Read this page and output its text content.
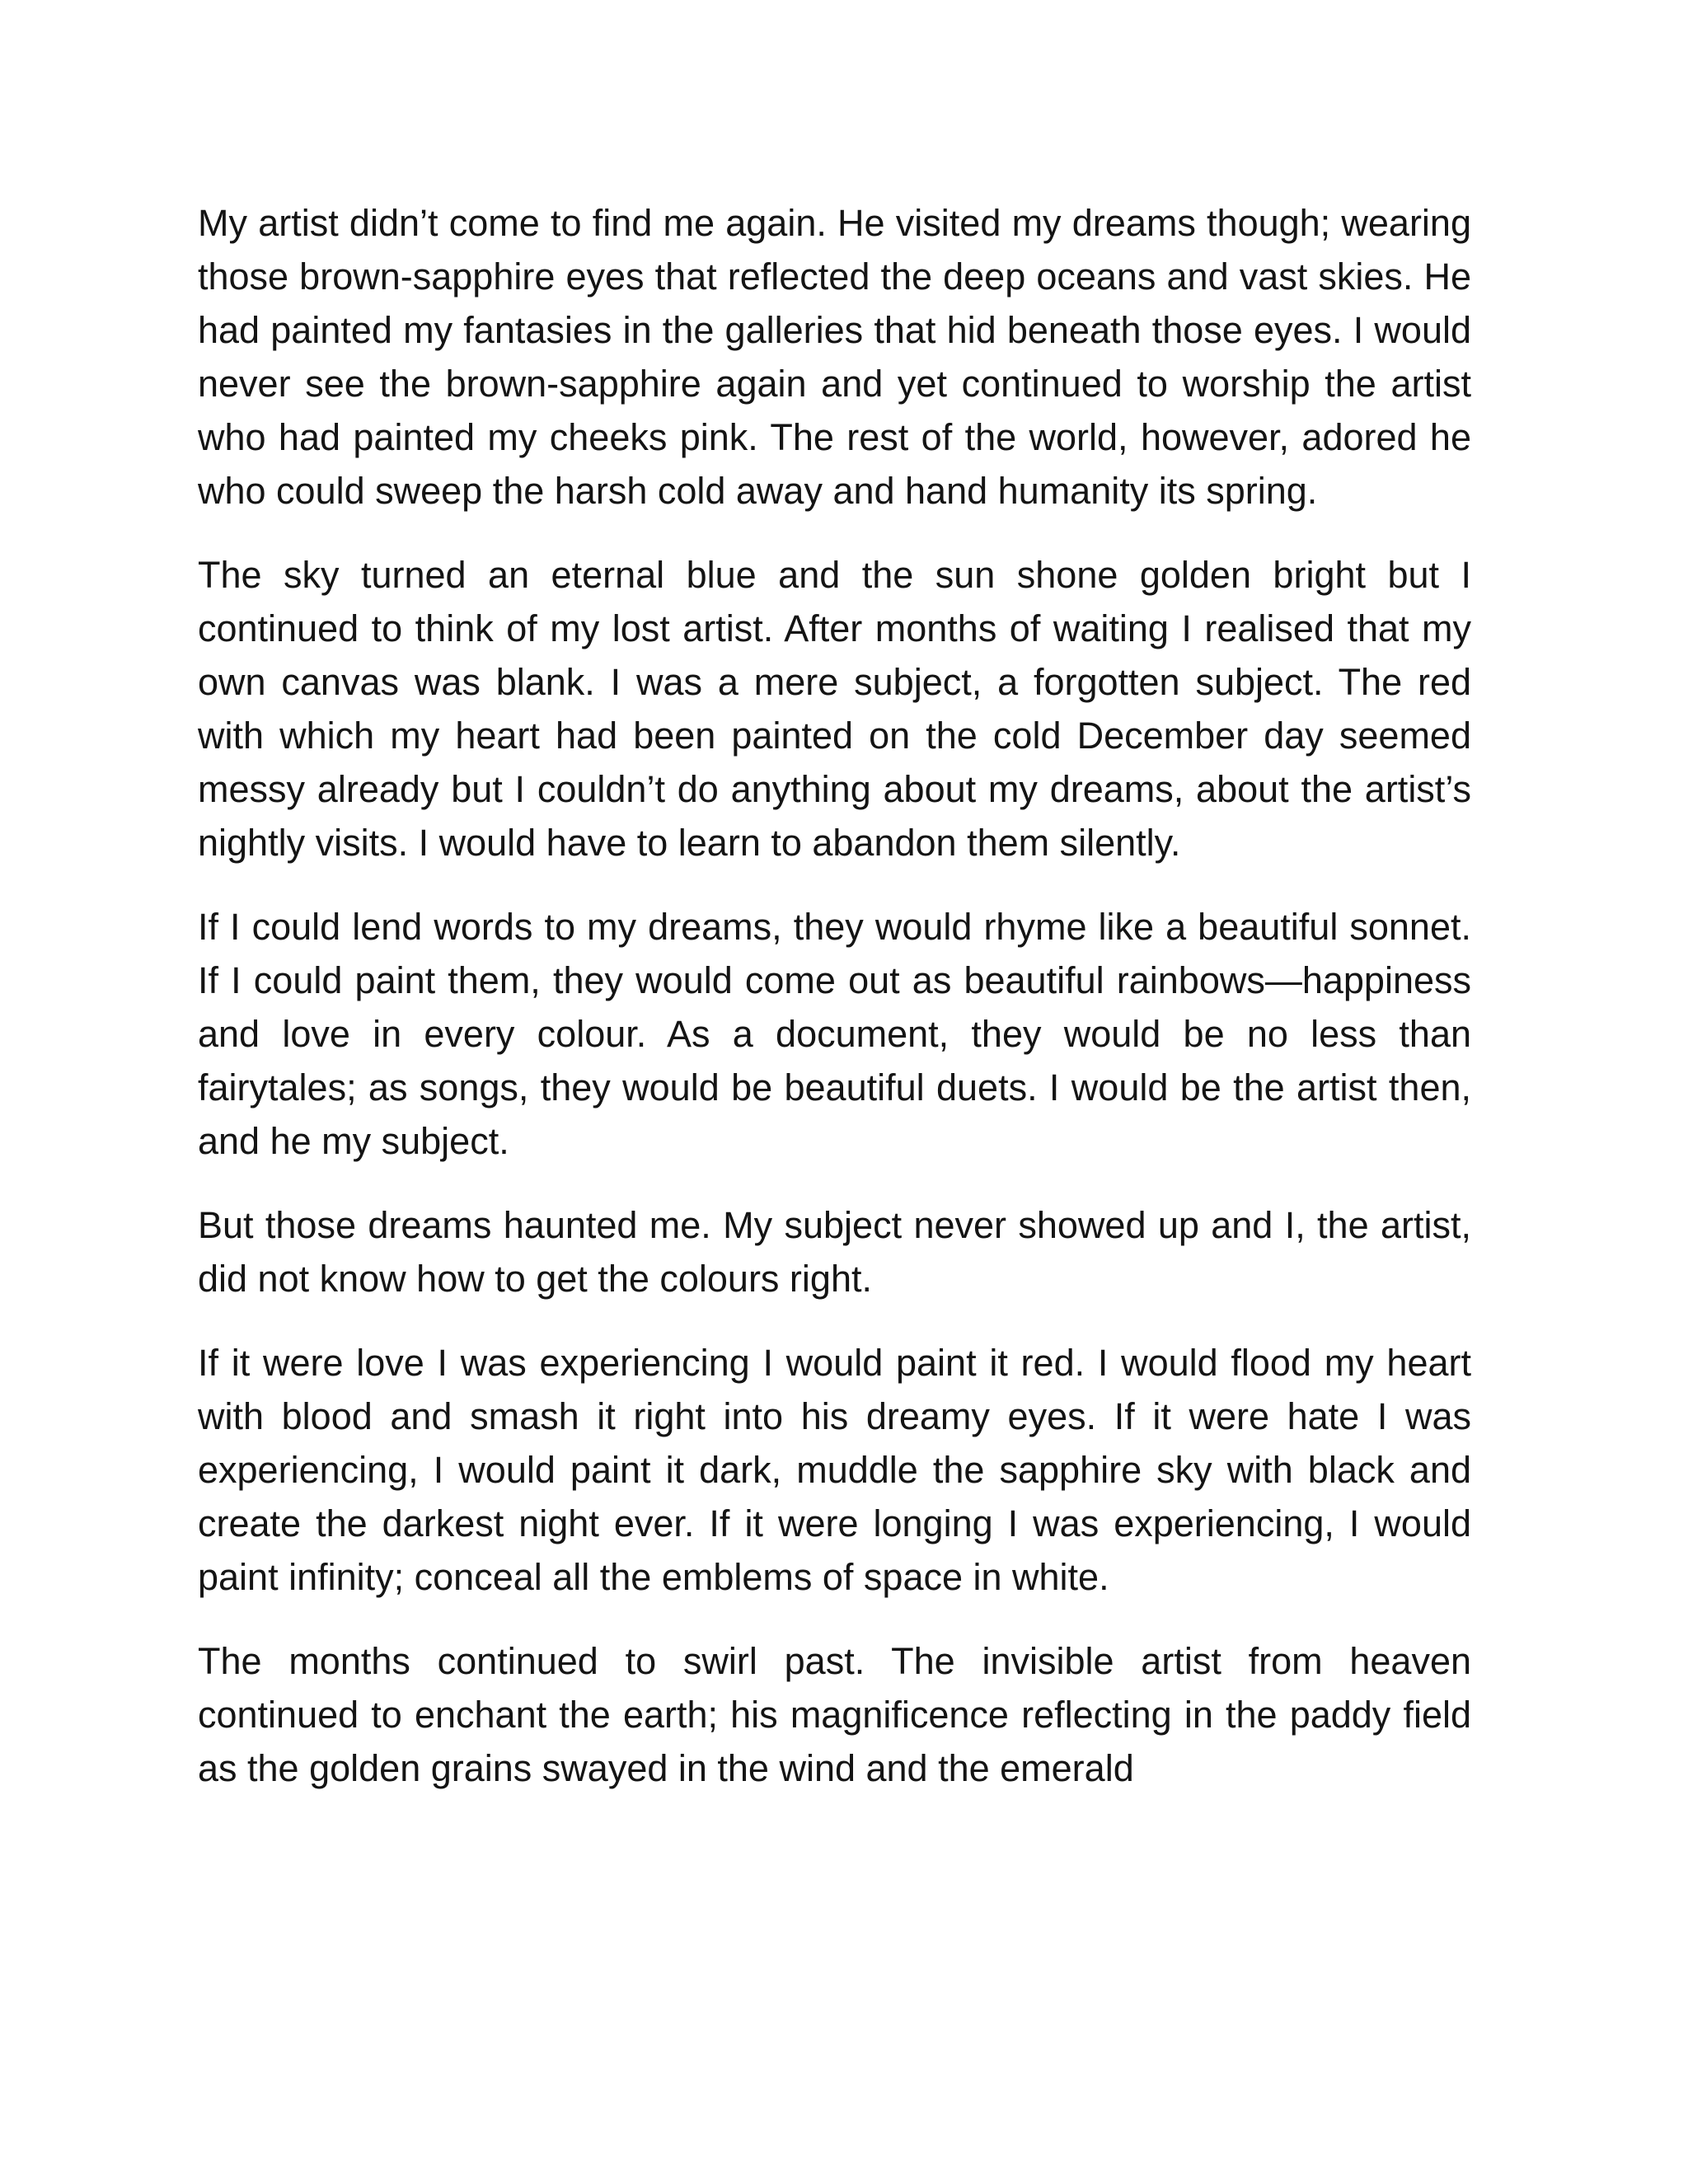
My artist didn’t come to find me again. He visited my dreams though; wearing those brown-sapphire eyes that reflected the deep oceans and vast skies. He had painted my fantasies in the galleries that hid beneath those eyes. I would never see the brown-sapphire again and yet continued to worship the artist who had painted my cheeks pink. The rest of the world, however, adored he who could sweep the harsh cold away and hand humanity its spring.

The sky turned an eternal blue and the sun shone golden bright but I continued to think of my lost artist. After months of waiting I realised that my own canvas was blank. I was a mere subject, a forgotten subject. The red with which my heart had been painted on the cold December day seemed messy already but I couldn’t do anything about my dreams, about the artist’s nightly visits. I would have to learn to abandon them silently.

If I could lend words to my dreams, they would rhyme like a beautiful sonnet. If I could paint them, they would come out as beautiful rainbows—happiness and love in every colour. As a document, they would be no less than fairytales; as songs, they would be beautiful duets. I would be the artist then, and he my subject.

But those dreams haunted me. My subject never showed up and I, the artist, did not know how to get the colours right.

If it were love I was experiencing I would paint it red. I would flood my heart with blood and smash it right into his dreamy eyes. If it were hate I was experiencing, I would paint it dark, muddle the sapphire sky with black and create the darkest night ever. If it were longing I was experiencing, I would paint infinity; conceal all the emblems of space in white.

The months continued to swirl past. The invisible artist from heaven continued to enchant the earth; his magnificence reflecting in the paddy field as the golden grains swayed in the wind and the emerald
